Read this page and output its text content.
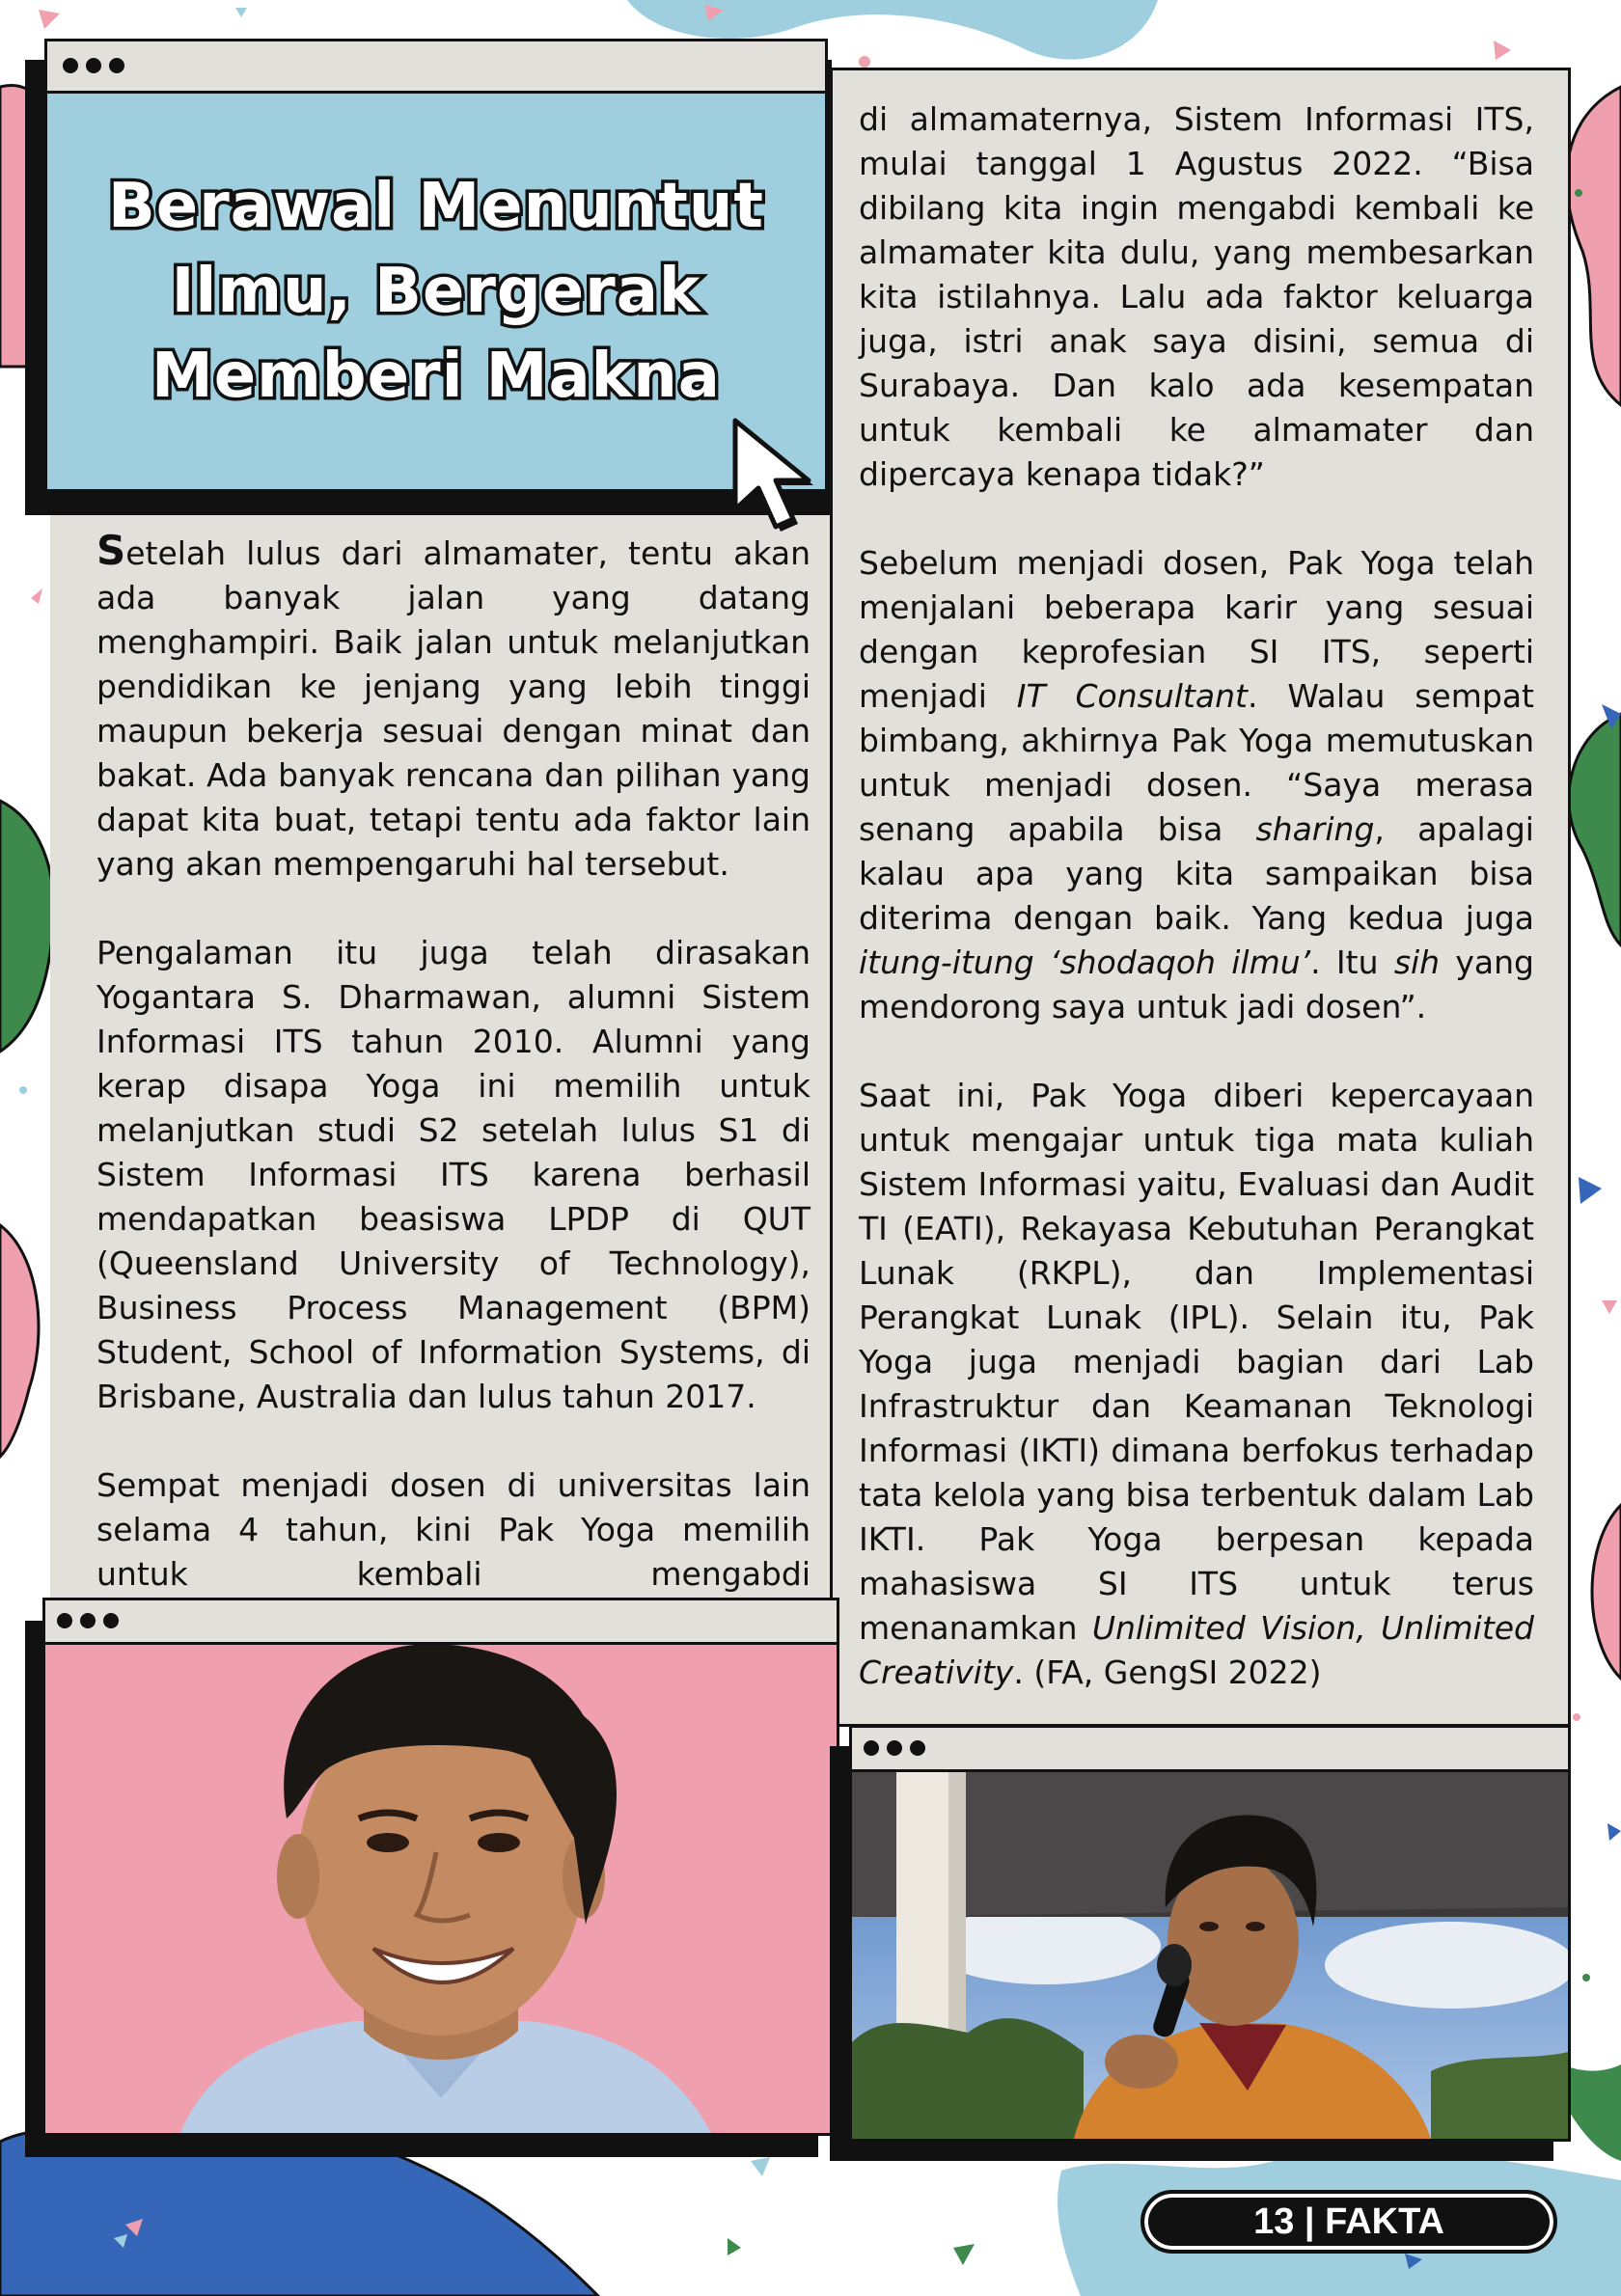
Setelah lulus dari almamater, tentu akan ada banyak jalan yang datang menghampiri. Baik jalan untuk melanjutkan pendidikan ke jenjang yang lebih tinggi maupun bekerja sesuai dengan minat dan bakat. Ada banyak rencana dan pilihan yang dapat kita buat, tetapi tentu ada faktor lain yang akan mempengaruhi hal tersebut.

Pengalaman itu juga telah dirasakan Yogantara S. Dharmawan, alumni Sistem Informasi ITS tahun 2010. Alumni yang kerap disapa Yoga ini memilih untuk melanjutkan studi S2 setelah lulus S1 di Sistem Informasi ITS karena berhasil mendapatkan beasiswa LPDP di QUT (Queensland University of Technology), Business Process Management (BPM) Student, School of Information Systems, di Brisbane, Australia dan lulus tahun 2017.

Sempat menjadi dosen di universitas lain selama 4 tahun, kini Pak Yoga memilih untuk kembali mengabdi

di almamaternya, Sistem Informasi ITS, mulai tanggal 1 Agustus 2022. “Bisa dibilang kita ingin mengabdi kembali ke almamater kita dulu, yang membesarkan kita istilahnya. Lalu ada faktor keluarga juga, istri anak saya disini, semua di Surabaya. Dan kalo ada kesempatan untuk kembali ke almamater dan dipercaya kenapa tidak?”

Sebelum menjadi dosen, Pak Yoga telah menjalani beberapa karir yang sesuai dengan keprofesian SI ITS, seperti menjadi IT Consultant. Walau sempat bimbang, akhirnya Pak Yoga memutuskan untuk menjadi dosen. “Saya merasa senang apabila bisa sharing, apalagi kalau apa yang kita sampaikan bisa diterima dengan baik. Yang kedua juga itung-itung ‘shodaqoh ilmu’. Itu sih yang mendorong saya untuk jadi dosen”.

Saat ini, Pak Yoga diberi kepercayaan untuk mengajar untuk tiga mata kuliah Sistem Informasi yaitu, Evaluasi dan Audit TI (EATI), Rekayasa Kebutuhan Perangkat Lunak (RKPL), dan Implementasi Perangkat Lunak (IPL). Selain itu, Pak Yoga juga menjadi bagian dari Lab Infrastruktur dan Keamanan Teknologi Informasi (IKTI) dimana berfokus terhadap tata kelola yang bisa terbentuk dalam Lab IKTI. Pak Yoga berpesan kepada mahasiswa SI ITS untuk terus menanamkan Unlimited Vision, Unlimited Creativity. (FA, GengSI 2022)

Berawal Menuntut
Ilmu, Bergerak
Memberi Makna
13 | FAKTA
